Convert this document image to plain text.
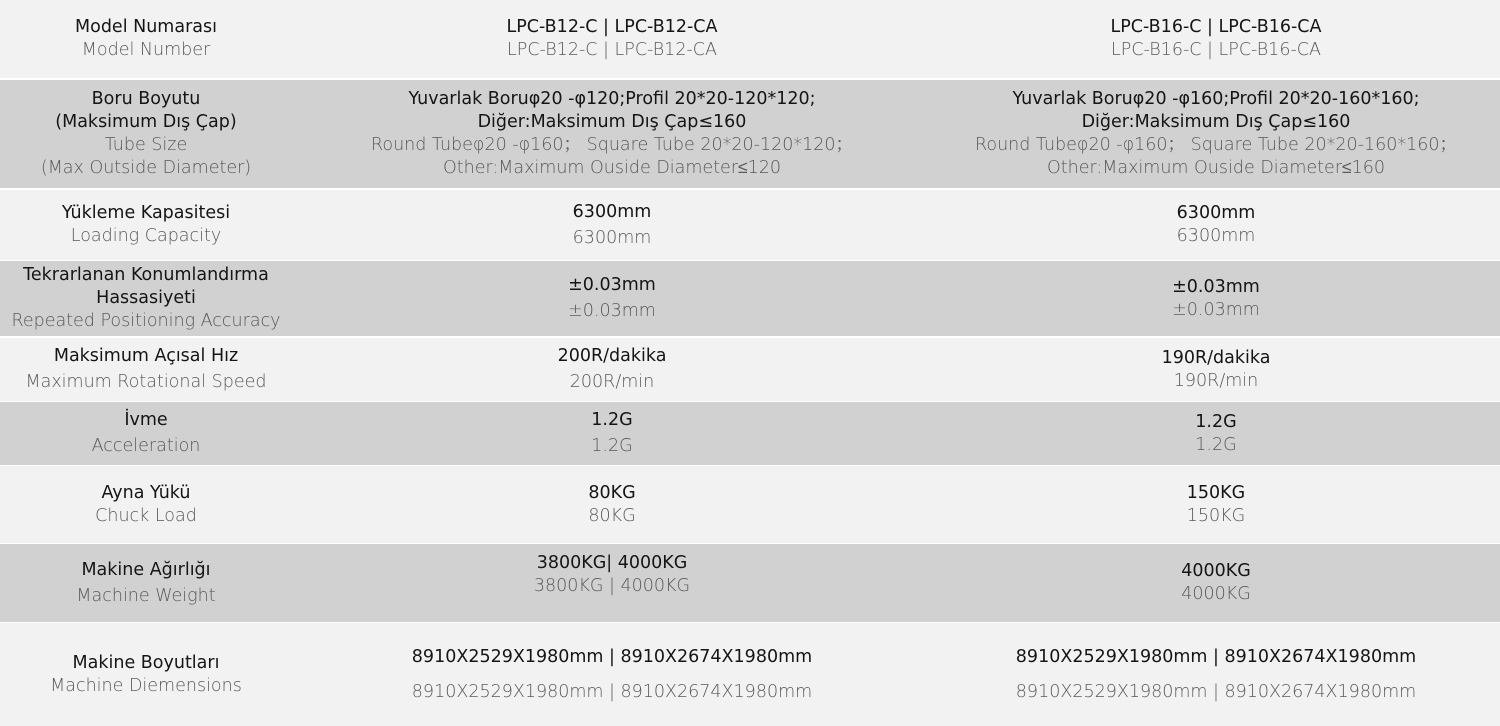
Model Numarası
Model Number
LPC-B12-C | LPC-B12-CA
LPC-B12-C | LPC-B12-CA
LPC-B16-C | LPC-B16-CA
LPC-B16-C | LPC-B16-CA
Boru Boyutu
(Maksimum Dış Çap)
Tube Size
(Max Outside Diameter)
Yuvarlak Boruφ20 -φ120;Profil 20*20-120*120;
Diğer:Maksimum Dış Çap≤160
Round Tubeφ20 -φ160； Square Tube 20*20-120*120；
Other:Maximum Ouside Diameter≤120
Yuvarlak Boruφ20 -φ160;Profil 20*20-160*160;
Diğer:Maksimum Dış Çap≤160
Round Tubeφ20 -φ160； Square Tube 20*20-160*160；
Other:Maximum Ouside Diameter≤160
Yükleme Kapasitesi
Loading Capacity
6300mm
6300mm
6300mm
6300mm
Tekrarlanan Konumlandırma
Hassasiyeti
Repeated Positioning Accuracy
±0.03mm
±0.03mm
±0.03mm
±0.03mm
Maksimum Açısal Hız
Maximum Rotational Speed
200R/dakika
200R/min
190R/dakika
190R/min
İvme
Acceleration
1.2G
1.2G
1.2G
1.2G
Ayna Yükü
Chuck Load
80KG
80KG
150KG
150KG
Makine Ağırlığı
Machine Weight
3800KG| 4000KG
3800KG | 4000KG
4000KG
4000KG
Makine Boyutları
Machine Diemensions
8910X2529X1980mm | 8910X2674X1980mm
8910X2529X1980mm | 8910X2674X1980mm
8910X2529X1980mm | 8910X2674X1980mm
8910X2529X1980mm | 8910X2674X1980mm
